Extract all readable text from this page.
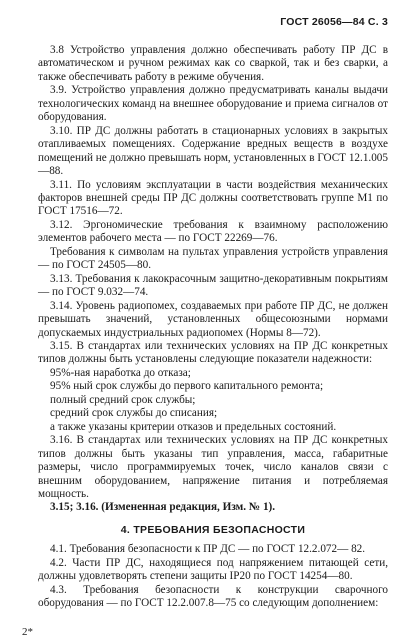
ГОСТ 26056—84 С. 3
3.8 Устройство управления должно обеспечивать работу ПР ДС в автоматическом и ручном режимах как со сваркой, так и без сварки, а также обеспечивать работу в режиме обучения.
3.9. Устройство управления должно предусматривать каналы выдачи технологических команд на внешнее оборудование и приема сигналов от оборудования.
3.10. ПР ДС должны работать в стационарных условиях в закрытых отапливаемых помещениях. Содержание вредных веществ в воздухе помещений не должно превышать норм, установленных в ГОСТ 12.1.005—88.
3.11. По условиям эксплуатации в части воздействия механических факторов внешней среды ПР ДС должны соответствовать группе М1 по ГОСТ 17516—72.
3.12. Эргономические требования к взаимному расположению элементов рабочего места — по ГОСТ 22269—76.
Требования к символам на пультах управления устройств управления — по ГОСТ 24505—80.
3.13. Требования к лакокрасочным защитно-декоративным покрытиям — по ГОСТ 9.032—74.
3.14. Уровень радиопомех, создаваемых при работе ПР ДС, не должен превышать значений, установленных общесоюзными нормами допускаемых индустриальных радиопомех (Нормы 8—72).
3.15. В стандартах или технических условиях на ПР ДС конкретных типов должны быть установлены следующие показатели надежности:
95%-ная наработка до отказа;
95% ный срок службы до первого капитального ремонта;
полный средний срок службы;
средний срок службы до списания;
а также указаны критерии отказов и предельных состояний.
3.16. В стандартах или технических условиях на ПР ДС конкретных типов должны быть указаны тип управления, масса, габаритные размеры, число программируемых точек, число каналов связи с внешним оборудованием, напряжение питания и потребляемая мощность.
3.15; 3.16. (Измененная редакция, Изм. № 1).
4. ТРЕБОВАНИЯ БЕЗОПАСНОСТИ
4.1. Требования безопасности к ПР ДС — по ГОСТ 12.2.072— 82.
4.2. Части ПР ДС, находящиеся под напряжением питающей сети, должны удовлетворять степени защиты IP20 по ГОСТ 14254—80.
4.3. Требования безопасности к конструкции сварочного оборудования — по ГОСТ 12.2.007.8—75 со следующим дополнением:
2*
